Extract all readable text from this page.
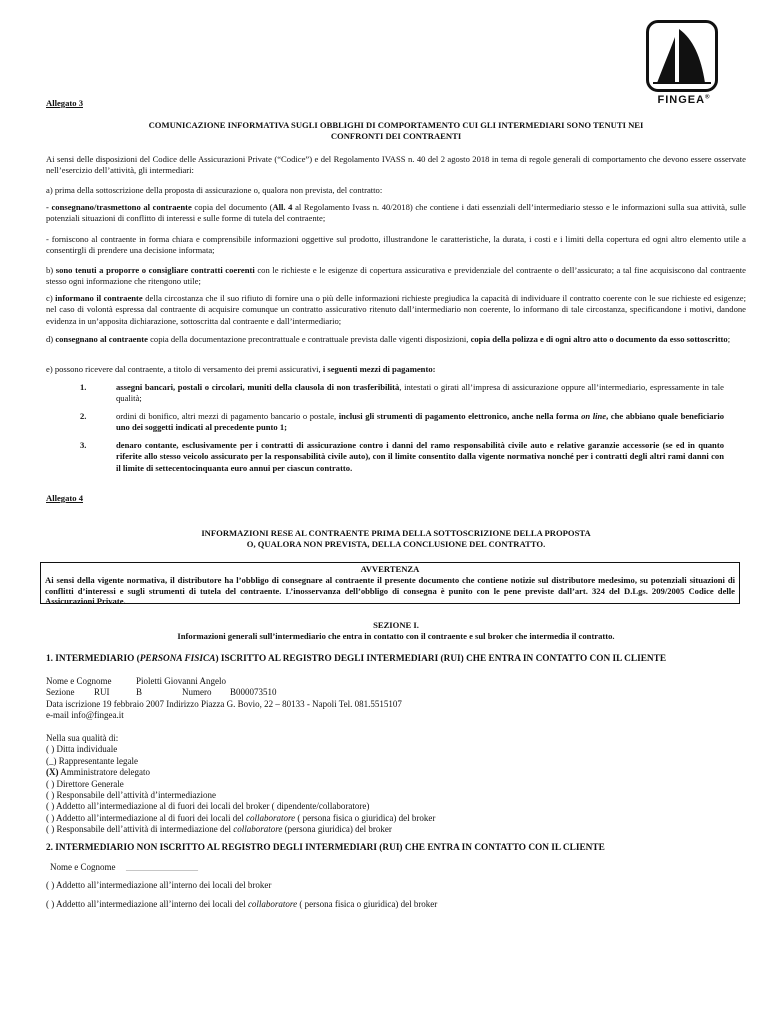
FINGEA®
Allegato 3
COMUNICAZIONE INFORMATIVA SUGLI OBBLIGHI DI COMPORTAMENTO CUI GLI INTERMEDIARI SONO TENUTI NEI
CONFRONTI DEI CONTRAENTI
Ai sensi delle disposizioni del Codice delle Assicurazioni Private (“Codice”) e del Regolamento IVASS n. 40 del 2 agosto 2018 in tema di regole generali di comportamento che devono essere osservate nell’esercizio dell’attività, gli intermediari:
a) prima della sottoscrizione della proposta di assicurazione o, qualora non prevista, del contratto:
- consegnano/trasmettono al contraente copia del documento (All. 4 al Regolamento Ivass n. 40/2018) che contiene i dati essenziali dell’intermediario stesso e le informazioni sulla sua attività, sulle potenziali situazioni di conflitto di interessi e sulle forme di tutela del contraente;
- forniscono al contraente in forma chiara e comprensibile informazioni oggettive sul prodotto, illustrandone le caratteristiche, la durata, i costi e i limiti della copertura ed ogni altro elemento utile a consentirgli di prendere una decisione informata;
b) sono tenuti a proporre o consigliare contratti coerenti con le richieste e le esigenze di copertura assicurativa e previdenziale del contraente o dell’assicurato; a tal fine acquisiscono dal contraente stesso ogni informazione che ritengono utile;
c) informano il contraente della circostanza che il suo rifiuto di fornire una o più delle informazioni richieste pregiudica la capacità di individuare il contratto coerente con le sue richieste ed esigenze; nel caso di volontà espressa dal contraente di acquisire comunque un contratto assicurativo ritenuto dall’intermediario non coerente, lo informano di tale circostanza, specificandone i motivi, dandone evidenza in un’apposita dichiarazione, sottoscritta dal contraente e dall’intermediario;
d) consegnano al contraente copia della documentazione precontrattuale e contrattuale prevista dalle vigenti disposizioni, copia della polizza e di ogni altro atto o documento da esso sottoscritto;
e) possono ricevere dal contraente, a titolo di versamento dei premi assicurativi, i seguenti mezzi di pagamento:
1.	assegni bancari, postali o circolari, muniti della clausola di non trasferibilità, intestati o girati all’impresa di assicurazione oppure all’intermediario, espressamente in tale qualità;
2.	ordini di bonifico, altri mezzi di pagamento bancario o postale, inclusi gli strumenti di pagamento elettronico, anche nella forma on line, che abbiano quale beneficiario uno dei soggetti indicati al precedente punto 1;
3.	denaro contante, esclusivamente per i contratti di assicurazione contro i danni del ramo responsabilità civile auto e relative garanzie accessorie (se ed in quanto riferite allo stesso veicolo assicurato per la responsabilità civile auto), con il limite consentito dalla vigente normativa nonché per i contratti degli altri rami danni con il limite di settecentocinquanta euro annui per ciascun contratto.
Allegato 4
INFORMAZIONI RESE AL CONTRAENTE PRIMA DELLA SOTTOSCRIZIONE DELLA PROPOSTA
O, QUALORA NON PREVISTA, DELLA CONCLUSIONE DEL CONTRATTO.
AVVERTENZA
Ai sensi della vigente normativa, il distributore ha l’obbligo di consegnare al contraente il presente documento che contiene notizie sul distributore medesimo, su potenziali situazioni di conflitti d’interessi e sugli strumenti di tutela del contraente. L’inosservanza dell’obbligo di consegna è punito con le pene previste dall’art. 324 del D.Lgs. 209/2005 Codice delle Assicurazioni Private.
SEZIONE I.
Informazioni generali sull’intermediario che entra in contatto con il contraente e sul broker che intermedia il contratto.
1. INTERMEDIARIO (PERSONA FISICA) ISCRITTO AL REGISTRO DEGLI INTERMEDIARI (RUI) CHE ENTRA IN CONTATTO CON IL CLIENTE
Nome e Cognome	Pioletti Giovanni Angelo
Sezione RUI	B	Numero B000073510
Data iscrizione 19 febbraio 2007 Indirizzo Piazza G. Bovio, 22 – 80133 - Napoli Tel. 081.5515107
e-mail info@fingea.it
Nella sua qualità di:
( ) Ditta individuale
(_) Rappresentante legale
(X) Amministratore delegato
( ) Direttore Generale
( ) Responsabile dell’attività d’intermediazione
( ) Addetto all’intermediazione al di fuori dei locali del broker ( dipendente/collaboratore)
( ) Addetto all’intermediazione al di fuori dei locali del collaboratore ( persona fisica o giuridica) del broker
( ) Responsabile dell’attività di intermediazione del collaboratore (persona giuridica) del broker
2. INTERMEDIARIO NON ISCRITTO AL REGISTRO DEGLI INTERMEDIARI (RUI) CHE ENTRA IN CONTATTO CON IL CLIENTE
Nome e Cognome ________________
( ) Addetto all’intermediazione all’interno dei locali del broker
( ) Addetto all’intermediazione all’interno dei locali del collaboratore ( persona fisica o giuridica) del broker
